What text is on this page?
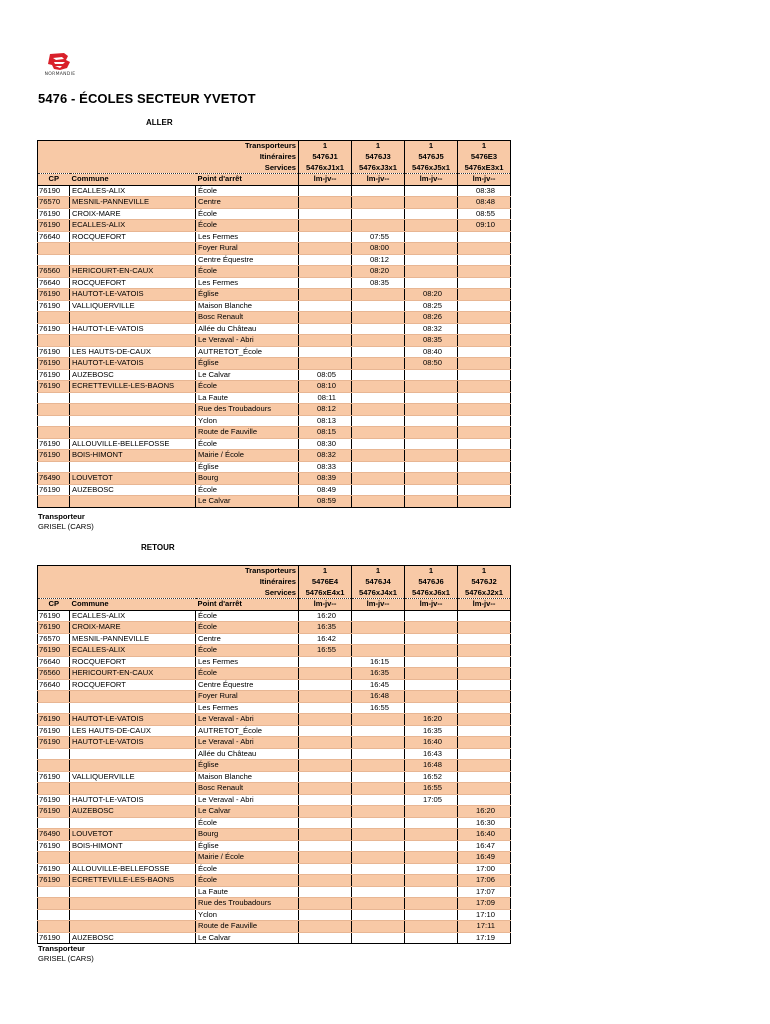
NORMANDIE
5476 - ÉCOLES SECTEUR YVETOT
ALLER
Transporteurs			1	1	1	1
Itinéraires			5476J1	5476J3	5476J5	5476E3
Services			5476xJ1x1	5476xJ3x1	5476xJ5x1	5476xE3x1
CP	Commune	Point d'arrêt	lm-jv--	lm-jv--	lm-jv--	lm-jv--
76190	ECALLES-ALIX	École				08:38
76570	MESNIL-PANNEVILLE	Centre				08:48
76190	CROIX-MARE	École				08:55
76190	ECALLES-ALIX	École				09:10
76640	ROCQUEFORT	Les Fermes		07:55		
		Foyer Rural		08:00		
		Centre Équestre		08:12		
76560	HERICOURT-EN-CAUX	École		08:20		
76640	ROCQUEFORT	Les Fermes		08:35		
76190	HAUTOT-LE-VATOIS	Église			08:20	
76190	VALLIQUERVILLE	Maison Blanche			08:25	
		Bosc Renault			08:26	
76190	HAUTOT-LE-VATOIS	Allée du Château			08:32	
		Le Veraval - Abri			08:35	
76190	LES HAUTS-DE-CAUX	AUTRETOT_École			08:40	
76190	HAUTOT-LE-VATOIS	Église			08:50	
76190	AUZEBOSC	Le Calvar	08:05			
76190	ECRETTEVILLE-LES-BAONS	École	08:10			
		La Faute	08:11			
		Rue des Troubadours	08:12			
		Yclon	08:13			
		Route de Fauville	08:15			
76190	ALLOUVILLE-BELLEFOSSE	École	08:30			
76190	BOIS-HIMONT	Mairie / École	08:32			
		Église	08:33			
76490	LOUVETOT	Bourg	08:39			
76190	AUZEBOSC	École	08:49			
		Le Calvar	08:59			
Transporteur
GRISEL (CARS)
RETOUR
Transporteurs			1	1	1	1
Itinéraires			5476E4	5476J4	5476J6	5476J2
Services			5476xE4x1	5476xJ4x1	5476xJ6x1	5476xJ2x1
CP	Commune	Point d'arrêt	lm-jv--	lm-jv--	lm-jv--	lm-jv--
76190	ECALLES-ALIX	École	16:20			
76190	CROIX-MARE	École	16:35			
76570	MESNIL-PANNEVILLE	Centre	16:42			
76190	ECALLES-ALIX	École	16:55			
76640	ROCQUEFORT	Les Fermes		16:15		
76560	HERICOURT-EN-CAUX	École		16:35		
76640	ROCQUEFORT	Centre Équestre		16:45		
		Foyer Rural		16:48		
		Les Fermes		16:55		
76190	HAUTOT-LE-VATOIS	Le Veraval - Abri			16:20	
76190	LES HAUTS-DE-CAUX	AUTRETOT_École			16:35	
76190	HAUTOT-LE-VATOIS	Le Veraval - Abri			16:40	
		Allée du Château			16:43	
		Église			16:48	
76190	VALLIQUERVILLE	Maison Blanche			16:52	
		Bosc Renault			16:55	
76190	HAUTOT-LE-VATOIS	Le Veraval - Abri			17:05	
76190	AUZEBOSC	Le Calvar				16:20
		École				16:30
76490	LOUVETOT	Bourg				16:40
76190	BOIS-HIMONT	Église				16:47
		Mairie / École				16:49
76190	ALLOUVILLE-BELLEFOSSE	École				17:00
76190	ECRETTEVILLE-LES-BAONS	École				17:06
		La Faute				17:07
		Rue des Troubadours				17:09
		Yclon				17:10
		Route de Fauville				17:11
76190	AUZEBOSC	Le Calvar				17:19
Transporteur
GRISEL (CARS)
